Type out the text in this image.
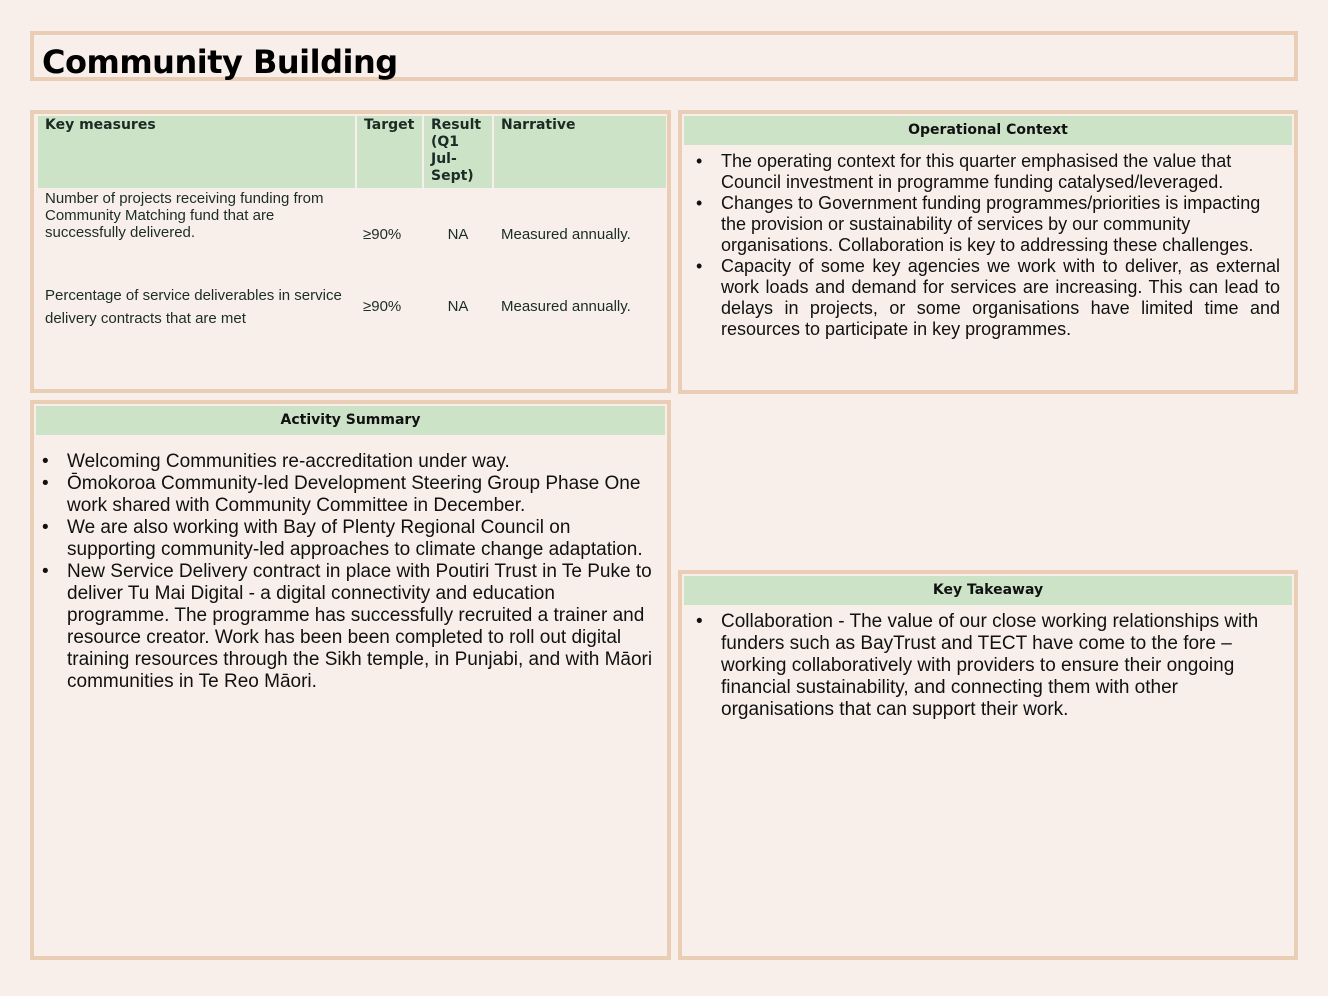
Community Building
Key measures	Target	Result (Q1 Jul-Sept)	Narrative
Number of projects receiving funding from Community Matching fund that are successfully delivered.	≥90%	NA	Measured annually.
Percentage of service deliverables in service delivery contracts that are met	≥90%	NA	Measured annually.
Operational Context
• The operating context for this quarter emphasised the value that Council investment in programme funding catalysed/leveraged.
• Changes to Government funding programmes/priorities is impacting the provision or sustainability of services by our community organisations. Collaboration is key to addressing these challenges.
• Capacity of some key agencies we work with to deliver, as external work loads and demand for services are increasing. This can lead to delays in projects, or some organisations have limited time and resources to participate in key programmes.
Activity Summary
• Welcoming Communities re-accreditation under way.
• Ōmokoroa Community-led Development Steering Group Phase One work shared with Community Committee in December.
• We are also working with Bay of Plenty Regional Council on supporting community-led approaches to climate change adaptation.
• New Service Delivery contract in place with Poutiri Trust in Te Puke to deliver Tu Mai Digital - a digital connectivity and education programme. The programme has successfully recruited a trainer and resource creator. Work has been been completed to roll out digital training resources through the Sikh temple, in Punjabi, and with Māori communities in Te Reo Māori.
Key Takeaway
• Collaboration - The value of our close working relationships with funders such as BayTrust and TECT have come to the fore – working collaboratively with providers to ensure their ongoing financial sustainability, and connecting them with other organisations that can support their work.
